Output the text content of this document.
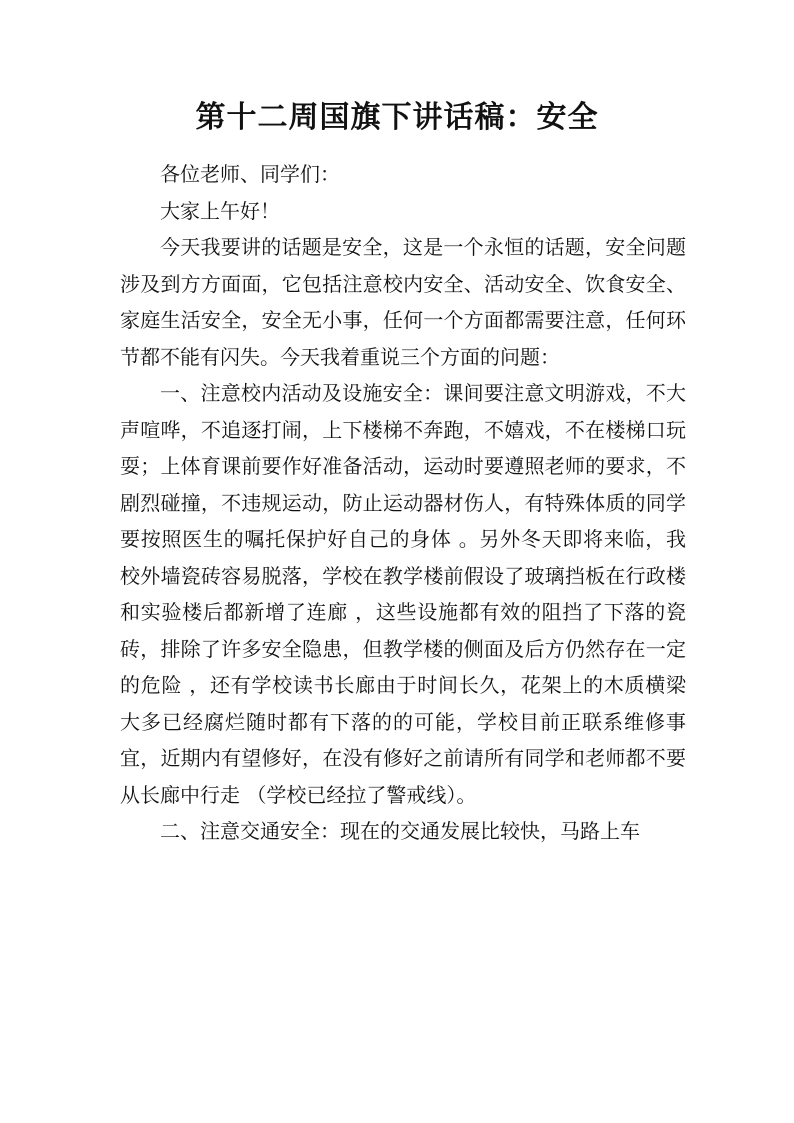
第十二周国旗下讲话稿：安全

各位老师、同学们：

大家上午好！

今天我要讲的话题是安全，这是一个永恒的话题，安全问题涉及到方方面面，它包括注意校内安全、活动安全、饮食安全、家庭生活安全，安全无小事，任何一个方面都需要注意，任何环节都不能有闪失。今天我着重说三个方面的问题：

一、注意校内活动及设施安全：课间要注意文明游戏，不大声喧哗，不追逐打闹，上下楼梯不奔跑，不嬉戏，不在楼梯口玩耍；上体育课前要作好准备活动，运动时要遵照老师的要求，不剧烈碰撞，不违规运动，防止运动器材伤人，有特殊体质的同学要按照医生的嘱托保护好自己的身体 。另外冬天即将来临，我校外墙瓷砖容易脱落，学校在教学楼前假设了玻璃挡板在行政楼和实验楼后都新增了连廊 ，这些设施都有效的阻挡了下落的瓷砖，排除了许多安全隐患，但教学楼的侧面及后方仍然存在一定的危险 ，还有学校读书长廊由于时间长久，花架上的木质横梁大多已经腐烂随时都有下落的的可能，学校目前正联系维修事宜，近期内有望修好，在没有修好之前请所有同学和老师都不要从长廊中行走 （学校已经拉了警戒线）。

二、注意交通安全：现在的交通发展比较快，马路上车
